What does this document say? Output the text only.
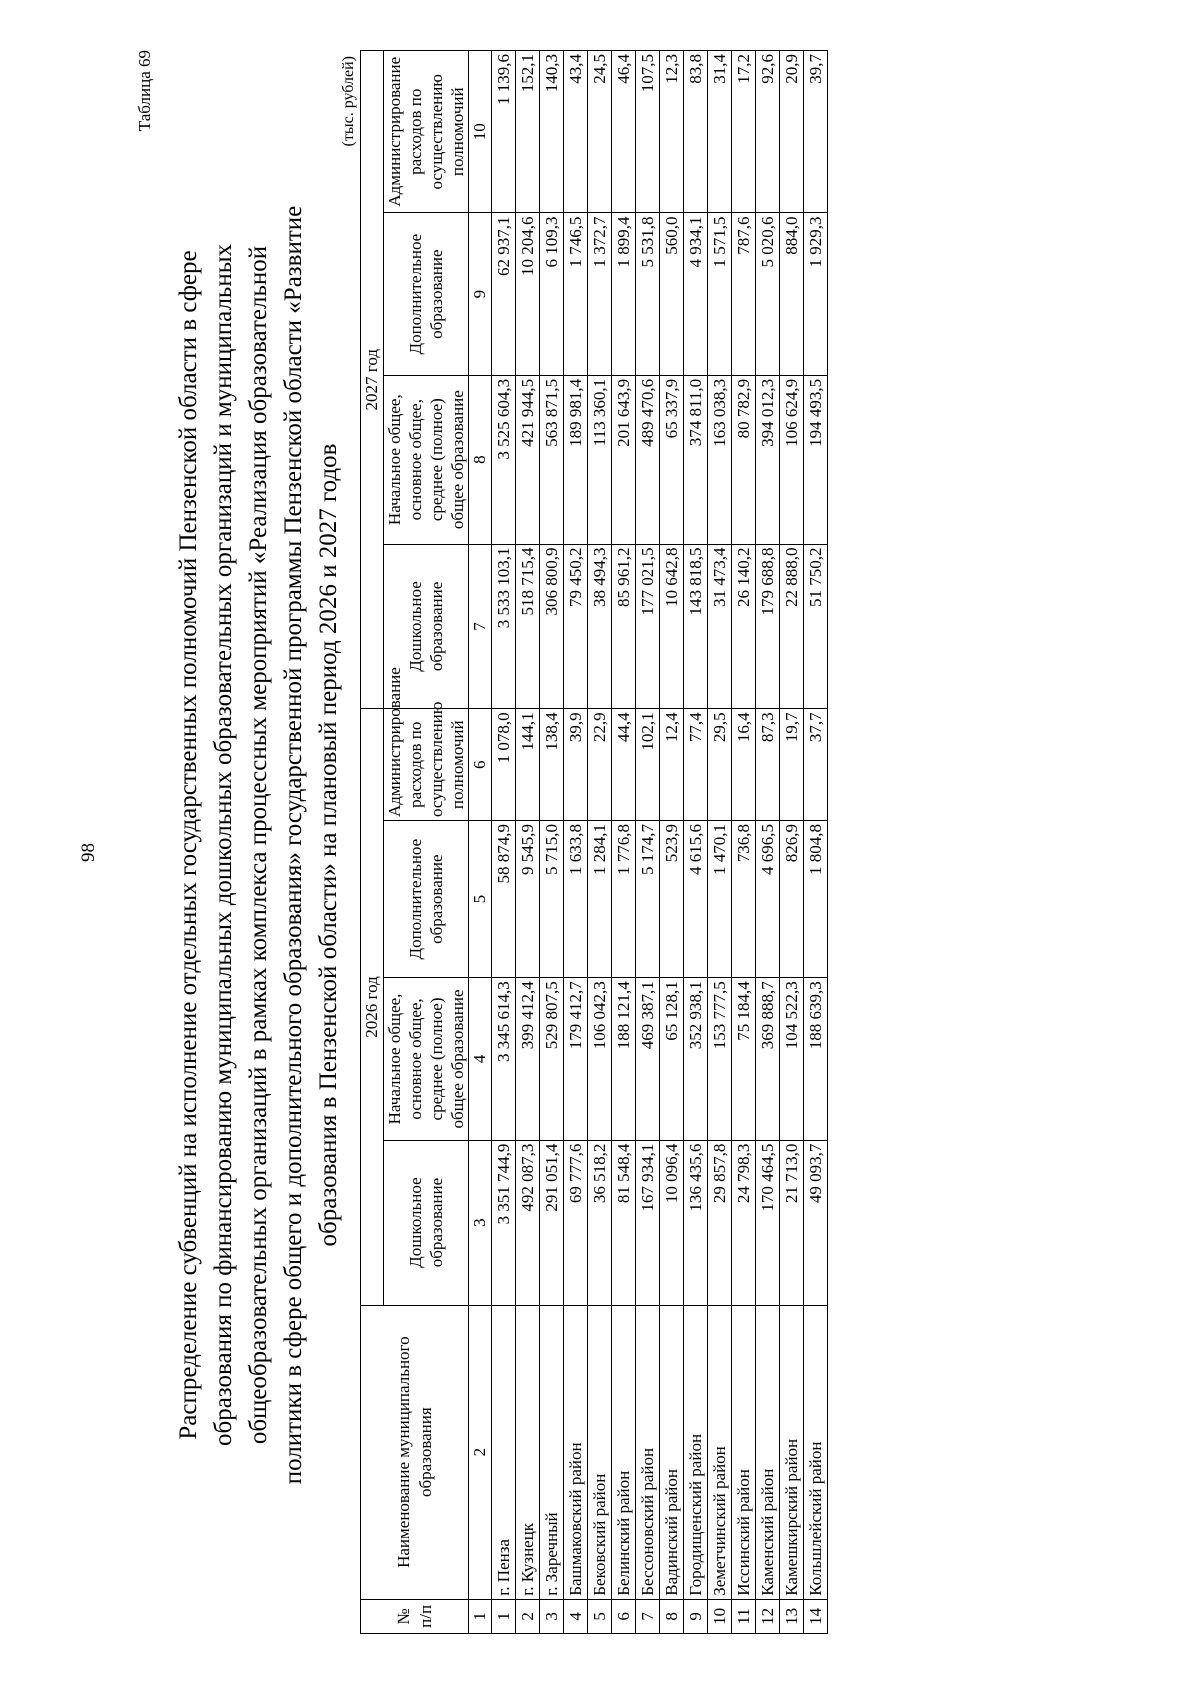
98
Таблица 69
Распределение субвенций на исполнение отдельных государственных полномочий Пензенской области в сфере образования по финансированию муниципальных дошкольных образовательных организаций и муниципальных общеобразовательных организаций в рамках комплекса процессных мероприятий «Реализация образовательной политики в сфере общего и дополнительного образования» государственной программы Пензенской области «Развитие образования в Пензенской области» на плановый период 2026 и 2027 годов
(тыс. рублей)
№ п/п	Наименование муниципального образования	2026 год				2027 год			
		Дошкольное образование	Начальное общее, основное общее, среднее (полное) общее образование	Дополнительное образование	Администрирование расходов по осуществлению полномочий	Дошкольное образование	Начальное общее, основное общее, среднее (полное) общее образование	Дополнительное образование	Администрирование расходов по осуществлению полномочий
1	2	3	4	5	6	7	8	9	10
1	г. Пенза	3 351 744,9	3 345 614,3	58 874,9	1 078,0	3 533 103,1	3 525 604,3	62 937,1	1 139,6
2	г. Кузнецк	492 087,3	399 412,4	9 545,9	144,1	518 715,4	421 944,5	10 204,6	152,1
3	г. Заречный	291 051,4	529 807,5	5 715,0	138,4	306 800,9	563 871,5	6 109,3	140,3
4	Башмаковский район	69 777,6	179 412,7	1 633,8	39,9	79 450,2	189 981,4	1 746,5	43,4
5	Бековский район	36 518,2	106 042,3	1 284,1	22,9	38 494,3	113 360,1	1 372,7	24,5
6	Белинский район	81 548,4	188 121,4	1 776,8	44,4	85 961,2	201 643,9	1 899,4	46,4
7	Бессоновский район	167 934,1	469 387,1	5 174,7	102,1	177 021,5	489 470,6	5 531,8	107,5
8	Вадинский район	10 096,4	65 128,1	523,9	12,4	10 642,8	65 337,9	560,0	12,3
9	Городищенский район	136 435,6	352 938,1	4 615,6	77,4	143 818,5	374 811,0	4 934,1	83,8
10	Земетчинский район	29 857,8	153 777,5	1 470,1	29,5	31 473,4	163 038,3	1 571,5	31,4
11	Иссинский район	24 798,3	75 184,4	736,8	16,4	26 140,2	80 782,9	787,6	17,2
12	Каменский район	170 464,5	369 888,7	4 696,5	87,3	179 688,8	394 012,3	5 020,6	92,6
13	Камешкирский район	21 713,0	104 522,3	826,9	19,7	22 888,0	106 624,9	884,0	20,9
14	Кольшлейский район	49 093,7	188 639,3	1 804,8	37,7	51 750,2	194 493,5	1 929,3	39,7
